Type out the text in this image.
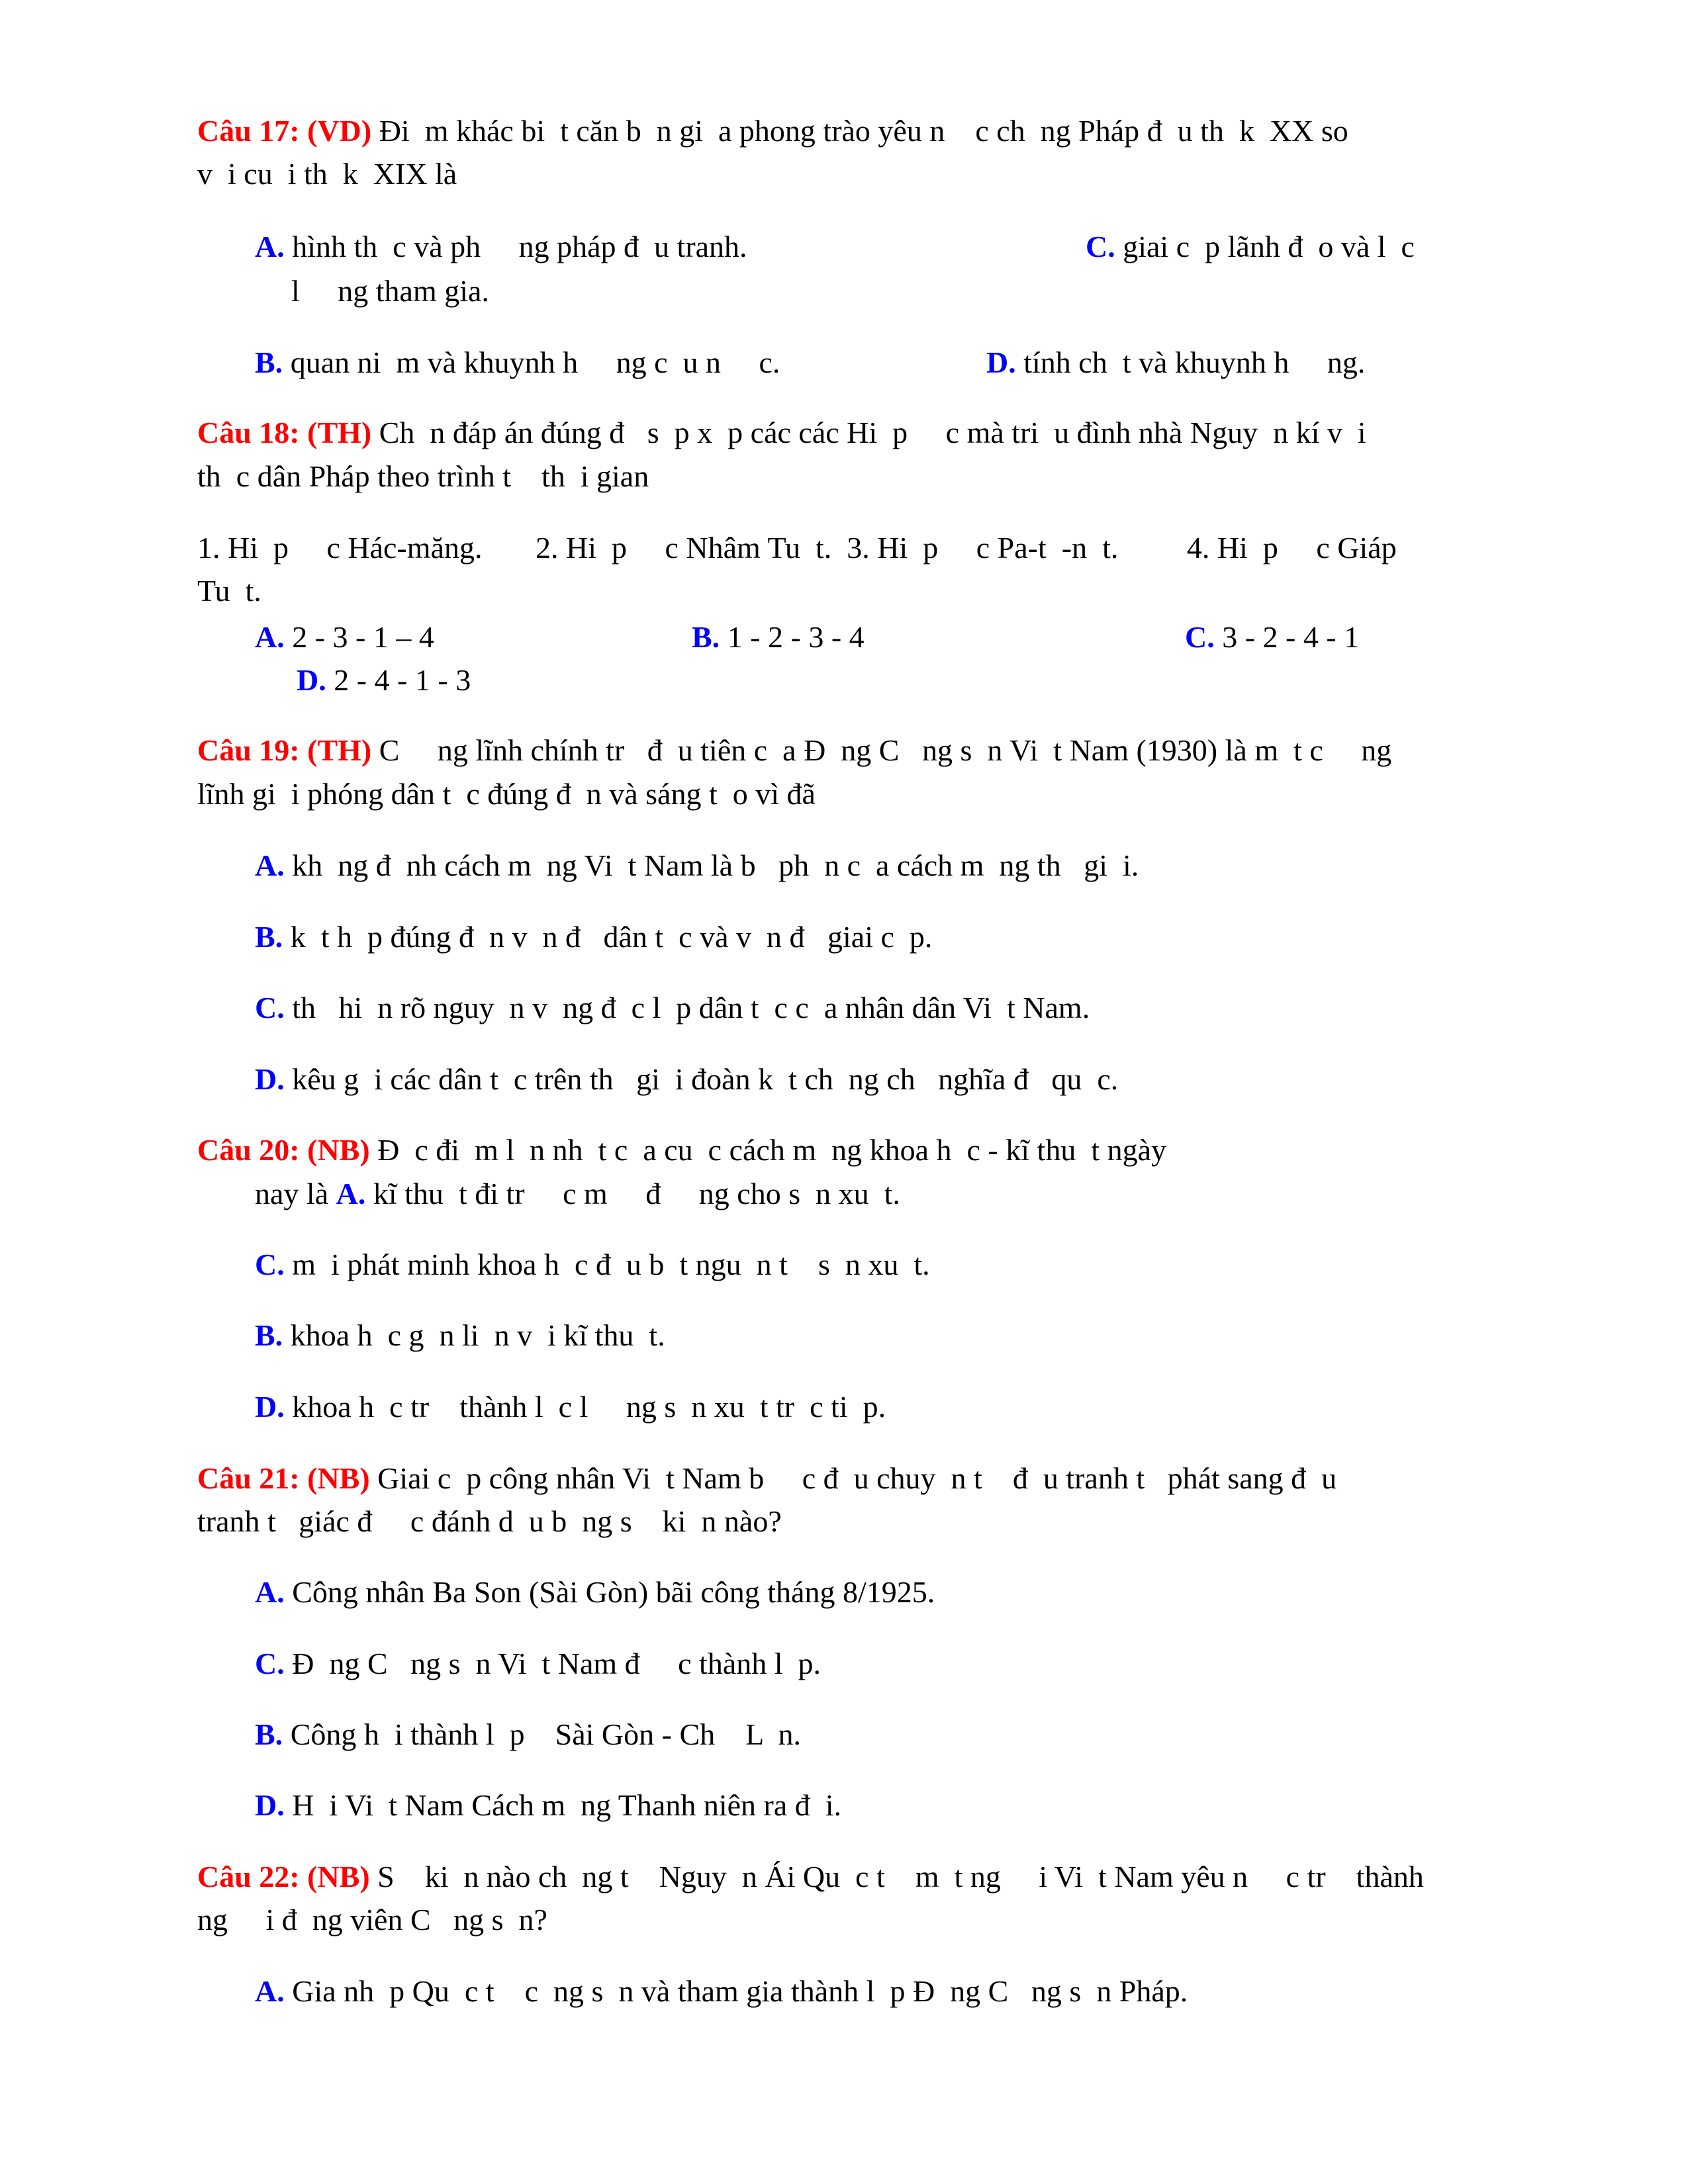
Câu 17: (VD) Đi  m khác bi  t căn b  n gi  a phong trào yêu n    c ch  ng Pháp đ  u th  k  XX so
v  i cu  i th  k  XIX là
A. hình th  c và ph     ng pháp đ  u tranh.	C. giai c  p lãnh đ  o và l  c
l     ng tham gia.
B. quan ni  m và khuynh h     ng c  u n     c.	D. tính ch  t và khuynh h     ng.
Câu 18: (TH) Ch  n đáp án đúng đ   s  p x  p các các Hi  p     c mà tri  u đình nhà Nguy  n kí v  i
th  c dân Pháp theo trình t    th  i gian
1. Hi  p     c Hác-măng.       2. Hi  p     c Nhâm Tu  t.  3. Hi  p     c Pa-t  -n  t.         4. Hi  p     c Giáp
Tu  t.
A. 2 - 3 - 1 – 4	B. 1 - 2 - 3 - 4	C. 3 - 2 - 4 - 1
D. 2 - 4 - 1 - 3
Câu 19: (TH) C     ng lĩnh chính tr   đ  u tiên c  a Đ  ng C   ng s  n Vi  t Nam (1930) là m  t c     ng
lĩnh gi  i phóng dân t  c đúng đ  n và sáng t  o vì đã
A. kh  ng đ  nh cách m  ng Vi  t Nam là b   ph  n c  a cách m  ng th   gi  i.
B. k  t h  p đúng đ  n v  n đ   dân t  c và v  n đ   giai c  p.
C. th   hi  n rõ nguy  n v  ng đ  c l  p dân t  c c  a nhân dân Vi  t Nam.
D. kêu g  i các dân t  c trên th   gi  i đoàn k  t ch  ng ch   nghĩa đ   qu  c.
Câu 20: (NB) Đ  c đi  m l  n nh  t c  a cu  c cách m  ng khoa h  c - kĩ thu  t ngày
nay là A. kĩ thu  t đi tr     c m     đ     ng cho s  n xu  t.
C. m  i phát minh khoa h  c đ  u b  t ngu  n t    s  n xu  t.
B. khoa h  c g  n li  n v  i kĩ thu  t.
D. khoa h  c tr    thành l  c l     ng s  n xu  t tr  c ti  p.
Câu 21: (NB) Giai c  p công nhân Vi  t Nam b     c đ  u chuy  n t    đ  u tranh t   phát sang đ  u
tranh t   giác đ     c đánh d  u b  ng s    ki  n nào?
A. Công nhân Ba Son (Sài Gòn) bãi công tháng 8/1925.
C. Đ  ng C   ng s  n Vi  t Nam đ     c thành l  p.
B. Công h  i thành l  p    Sài Gòn - Ch    L  n.
D. H  i Vi  t Nam Cách m  ng Thanh niên ra đ  i.
Câu 22: (NB) S    ki  n nào ch  ng t    Nguy  n Ái Qu  c t    m  t ng     i Vi  t Nam yêu n     c tr    thành
ng     i đ  ng viên C   ng s  n?
A. Gia nh  p Qu  c t    c  ng s  n và tham gia thành l  p Đ  ng C   ng s  n Pháp.
